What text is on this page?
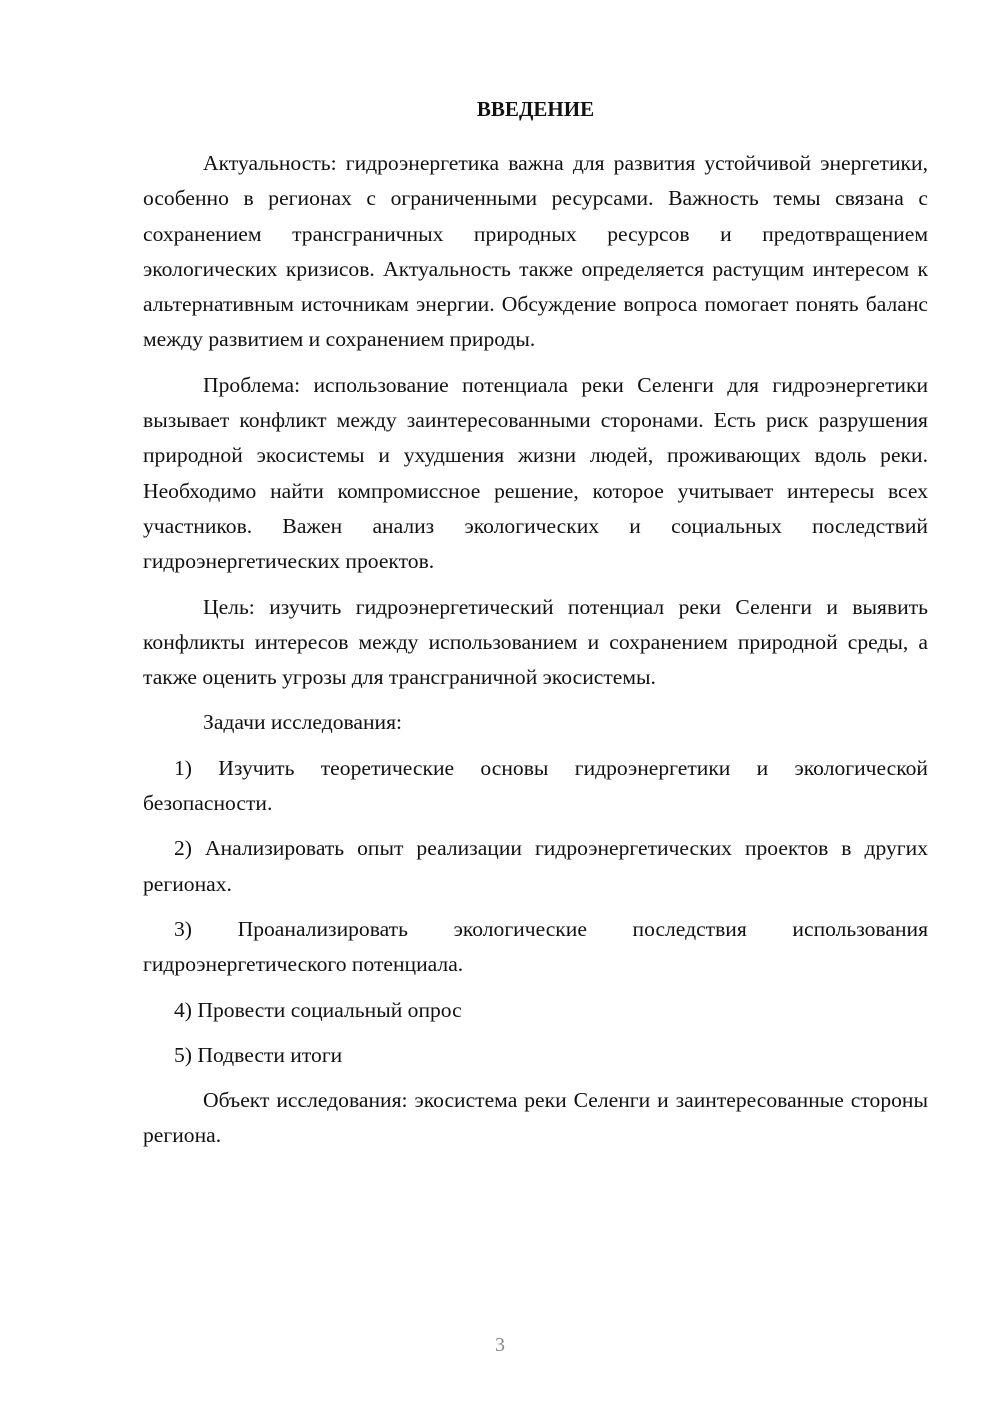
ВВЕДЕНИЕ

Актуальность: гидроэнергетика важна для развития устойчивой энергетики, особенно в регионах с ограниченными ресурсами. Важность темы связана с сохранением трансграничных природных ресурсов и предотвращением экологических кризисов. Актуальность также определяется растущим интересом к альтернативным источникам энергии. Обсуждение вопроса помогает понять баланс между развитием и сохранением природы.

Проблема: использование потенциала реки Селенги для гидроэнергетики вызывает конфликт между заинтересованными сторонами. Есть риск разрушения природной экосистемы и ухудшения жизни людей, проживающих вдоль реки. Необходимо найти компромиссное решение, которое учитывает интересы всех участников. Важен анализ экологических и социальных последствий гидроэнергетических проектов.

Цель: изучить гидроэнергетический потенциал реки Селенги и выявить конфликты интересов между использованием и сохранением природной среды, а также оценить угрозы для трансграничной экосистемы.

Задачи исследования:

1) Изучить теоретические основы гидроэнергетики и экологической безопасности.

2) Анализировать опыт реализации гидроэнергетических проектов в других регионах.

3) Проанализировать экологические последствия использования гидроэнергетического потенциала.

4) Провести социальный опрос

5) Подвести итоги

Объект исследования: экосистема реки Селенги и заинтересованные стороны региона.

3
